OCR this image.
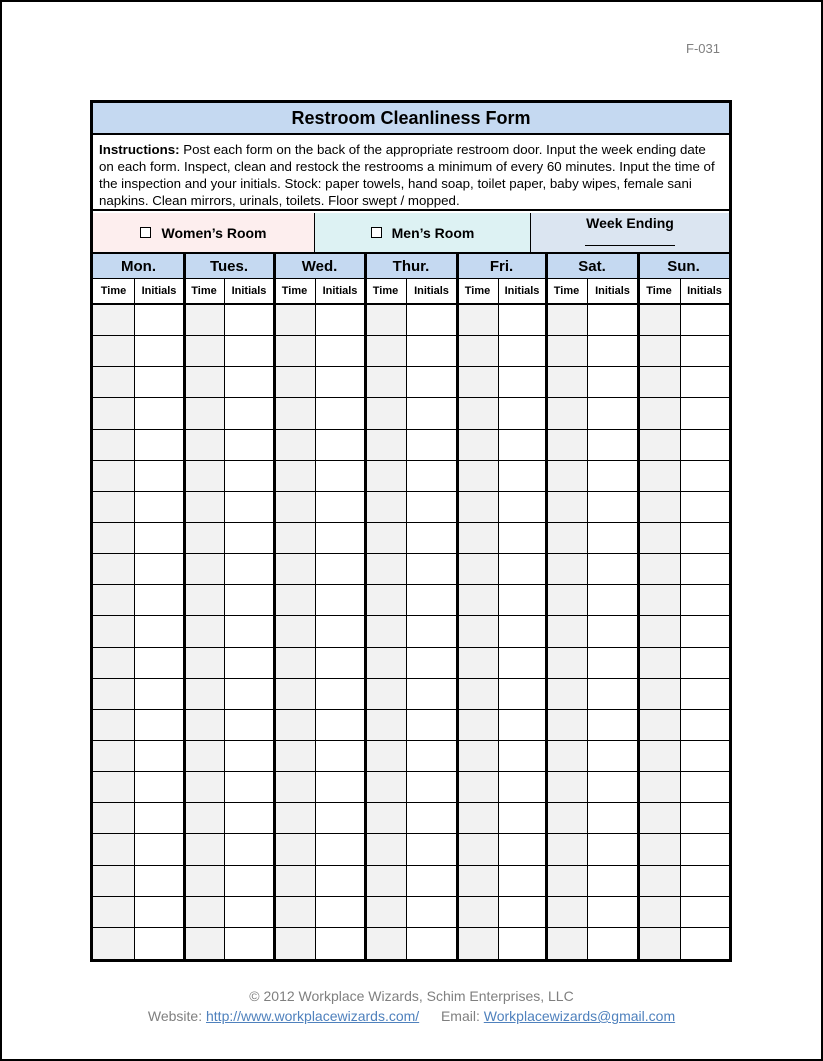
F-031
Restroom Cleanliness Form
Instructions: Post each form on the back of the appropriate restroom door. Input the week ending date on each form. Inspect, clean and restock the restrooms a minimum of every 60 minutes. Input the time of the inspection and your initials. Stock: paper towels, hand soap, toilet paper, baby wipes, female sani napkins. Clean mirrors, urinals, toilets. Floor swept / mopped.
Women’s Room	Men’s Room
Week Ending
Mon.	Tues.	Wed.	Thur.	Fri.	Sat.	Sun.
Time	Initials	Time	Initials	Time	Initials	Time	Initials	Time	Initials	Time	Initials	Time	Initials
© 2012 Workplace Wizards, Schim Enterprises, LLC
Website: http://www.workplacewizards.com/ Email: Workplacewizards@gmail.com
